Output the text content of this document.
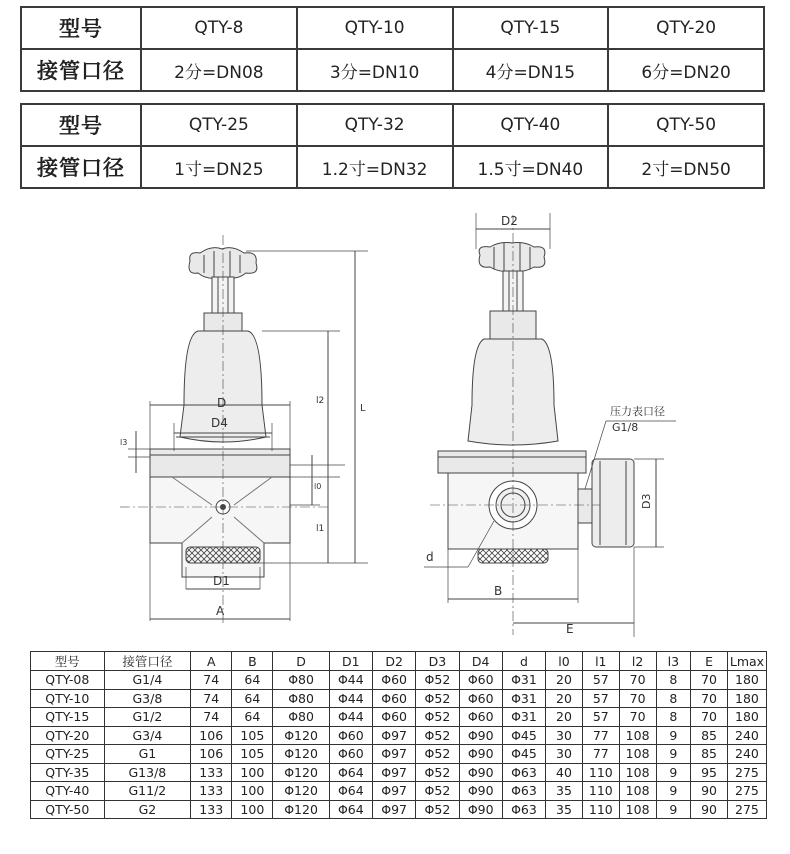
型号	QTY-8	QTY-10	QTY-15	QTY-20
接管口径	2分=DN08	3分=DN10	4分=DN15	6分=DN20
型号	QTY-25	QTY-32	QTY-40	QTY-50
接管口径	1寸=DN25	1.2寸=DN32	1.5寸=DN40	2寸=DN50
D
D4
D1
A
L
l2
l1
l0
l3
D2
D3
B
E
d
压力表口径
G1/8
型号	接管口径	A	B	D	D1	D2	D3	D4	d	l0	l1	l2	l3	E	Lmax
QTY-08	G1/4	74	64	Φ80	Φ44	Φ60	Φ52	Φ60	Φ31	20	57	70	8	70	180
QTY-10	G3/8	74	64	Φ80	Φ44	Φ60	Φ52	Φ60	Φ31	20	57	70	8	70	180
QTY-15	G1/2	74	64	Φ80	Φ44	Φ60	Φ52	Φ60	Φ31	20	57	70	8	70	180
QTY-20	G3/4	106	105	Φ120	Φ60	Φ97	Φ52	Φ90	Φ45	30	77	108	9	85	240
QTY-25	G1	106	105	Φ120	Φ60	Φ97	Φ52	Φ90	Φ45	30	77	108	9	85	240
QTY-35	G13/8	133	100	Φ120	Φ64	Φ97	Φ52	Φ90	Φ63	40	110	108	9	95	275
QTY-40	G11/2	133	100	Φ120	Φ64	Φ97	Φ52	Φ90	Φ63	35	110	108	9	90	275
QTY-50	G2	133	100	Φ120	Φ64	Φ97	Φ52	Φ90	Φ63	35	110	108	9	90	275
